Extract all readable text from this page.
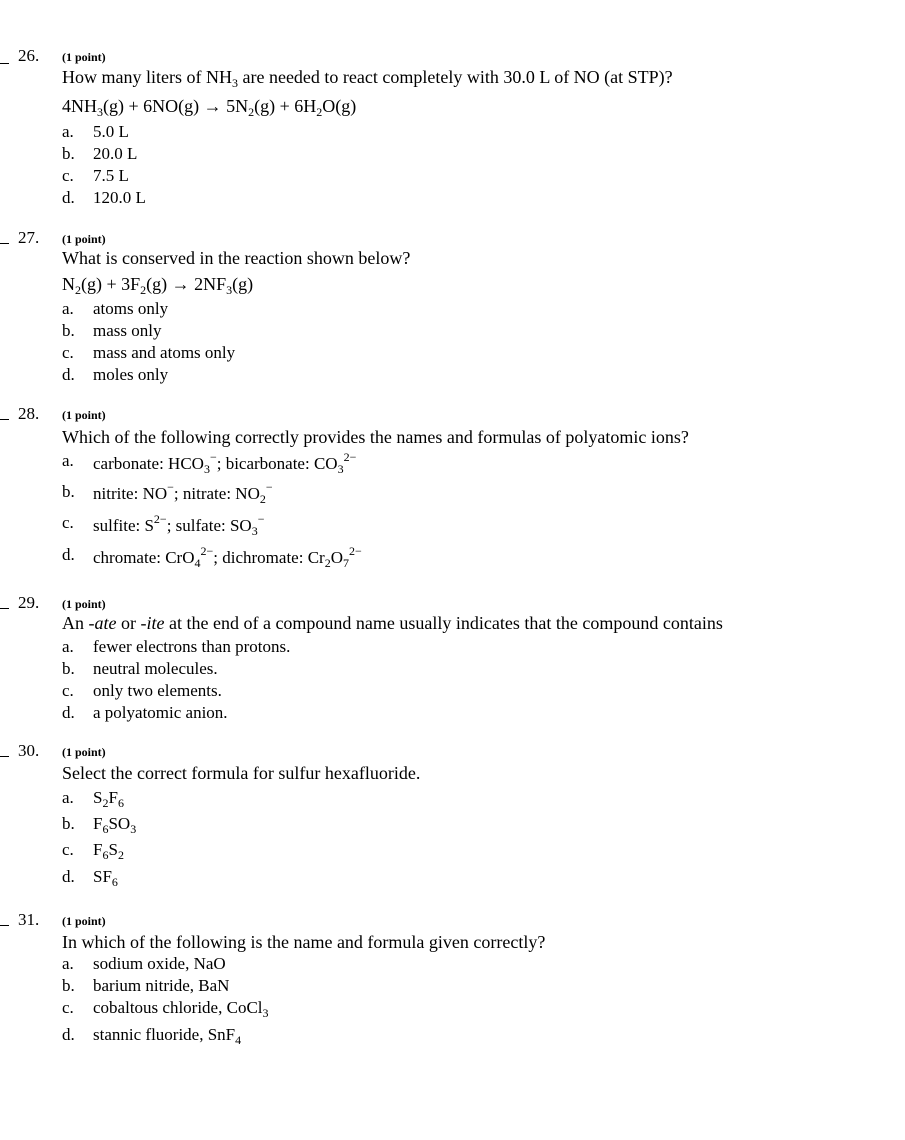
26. (1 point)
How many liters of $NH_3$ are needed to react completely with 30.0 L of NO (at STP)?
$4NH_3(g) + 6NO(g) \to 5N_2(g) + 6H_2O(g)$
a. 5.0 L
b. 20.0 L
c. 7.5 L
d. 120.0 L
27. (1 point)
What is conserved in the reaction shown below?
$N_2(g) + 3F_2(g) \to 2NF_3(g)$
a. atoms only
b. mass only
c. mass and atoms only
d. moles only
28. (1 point)
Which of the following correctly provides the names and formulas of polyatomic ions?
a. carbonate: $HCO_3^-$; bicarbonate: $CO_3^{2-}$
b. nitrite: NO−; nitrate: $NO_2^-$
c. sulfite: $S^{2-}$; sulfate: $SO_3^-$
d. chromate: CrO$_4^{2-}$; dichromate: $Cr_2O_7^{2-}$
29. (1 point)
An -ate or -ite at the end of a compound name usually indicates that the compound contains
a. fewer electrons than protons.
b. neutral molecules.
c. only two elements.
d. a polyatomic anion.
30. (1 point)
Select the correct formula for sulfur hexafluoride.
a. $S_2F_6$
b. $F_6SO_3$
c. $F_6S_2$
d. $SF_6$
31. (1 point)
In which of the following is the name and formula given correctly?
a. sodium oxide, NaO
b. barium nitride, BaN
c. cobaltous chloride, CoCl$_3$
d. stannic fluoride, SnF$_4$
